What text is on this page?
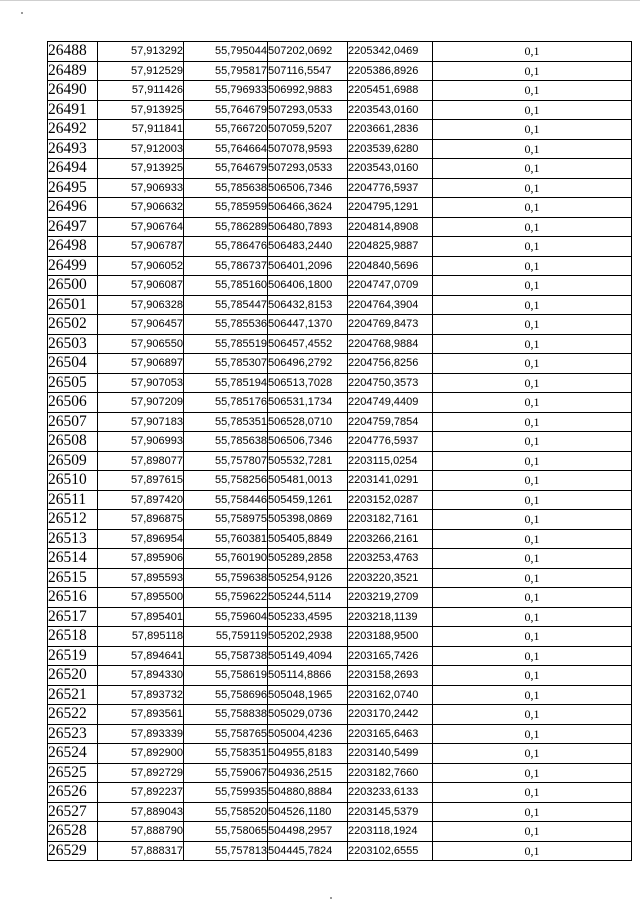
26488	57,913292	55,795044	507202,0692	2205342,0469	0,1
26489	57,912529	55,795817	507116,5547	2205386,8926	0,1
26490	57,911426	55,796933	506992,9883	2205451,6988	0,1
26491	57,913925	55,764679	507293,0533	2203543,0160	0,1
26492	57,911841	55,766720	507059,5207	2203661,2836	0,1
26493	57,912003	55,764664	507078,9593	2203539,6280	0,1
26494	57,913925	55,764679	507293,0533	2203543,0160	0,1
26495	57,906933	55,785638	506506,7346	2204776,5937	0,1
26496	57,906632	55,785959	506466,3624	2204795,1291	0,1
26497	57,906764	55,786289	506480,7893	2204814,8908	0,1
26498	57,906787	55,786476	506483,2440	2204825,9887	0,1
26499	57,906052	55,786737	506401,2096	2204840,5696	0,1
26500	57,906087	55,785160	506406,1800	2204747,0709	0,1
26501	57,906328	55,785447	506432,8153	2204764,3904	0,1
26502	57,906457	55,785536	506447,1370	2204769,8473	0,1
26503	57,906550	55,785519	506457,4552	2204768,9884	0,1
26504	57,906897	55,785307	506496,2792	2204756,8256	0,1
26505	57,907053	55,785194	506513,7028	2204750,3573	0,1
26506	57,907209	55,785176	506531,1734	2204749,4409	0,1
26507	57,907183	55,785351	506528,0710	2204759,7854	0,1
26508	57,906993	55,785638	506506,7346	2204776,5937	0,1
26509	57,898077	55,757807	505532,7281	2203115,0254	0,1
26510	57,897615	55,758256	505481,0013	2203141,0291	0,1
26511	57,897420	55,758446	505459,1261	2203152,0287	0,1
26512	57,896875	55,758975	505398,0869	2203182,7161	0,1
26513	57,896954	55,760381	505405,8849	2203266,2161	0,1
26514	57,895906	55,760190	505289,2858	2203253,4763	0,1
26515	57,895593	55,759638	505254,9126	2203220,3521	0,1
26516	57,895500	55,759622	505244,5114	2203219,2709	0,1
26517	57,895401	55,759604	505233,4595	2203218,1139	0,1
26518	57,895118	55,759119	505202,2938	2203188,9500	0,1
26519	57,894641	55,758738	505149,4094	2203165,7426	0,1
26520	57,894330	55,758619	505114,8866	2203158,2693	0,1
26521	57,893732	55,758696	505048,1965	2203162,0740	0,1
26522	57,893561	55,758838	505029,0736	2203170,2442	0,1
26523	57,893339	55,758765	505004,4236	2203165,6463	0,1
26524	57,892900	55,758351	504955,8183	2203140,5499	0,1
26525	57,892729	55,759067	504936,2515	2203182,7660	0,1
26526	57,892237	55,759935	504880,8884	2203233,6133	0,1
26527	57,889043	55,758520	504526,1180	2203145,5379	0,1
26528	57,888790	55,758065	504498,2957	2203118,1924	0,1
26529	57,888317	55,757813	504445,7824	2203102,6555	0,1
